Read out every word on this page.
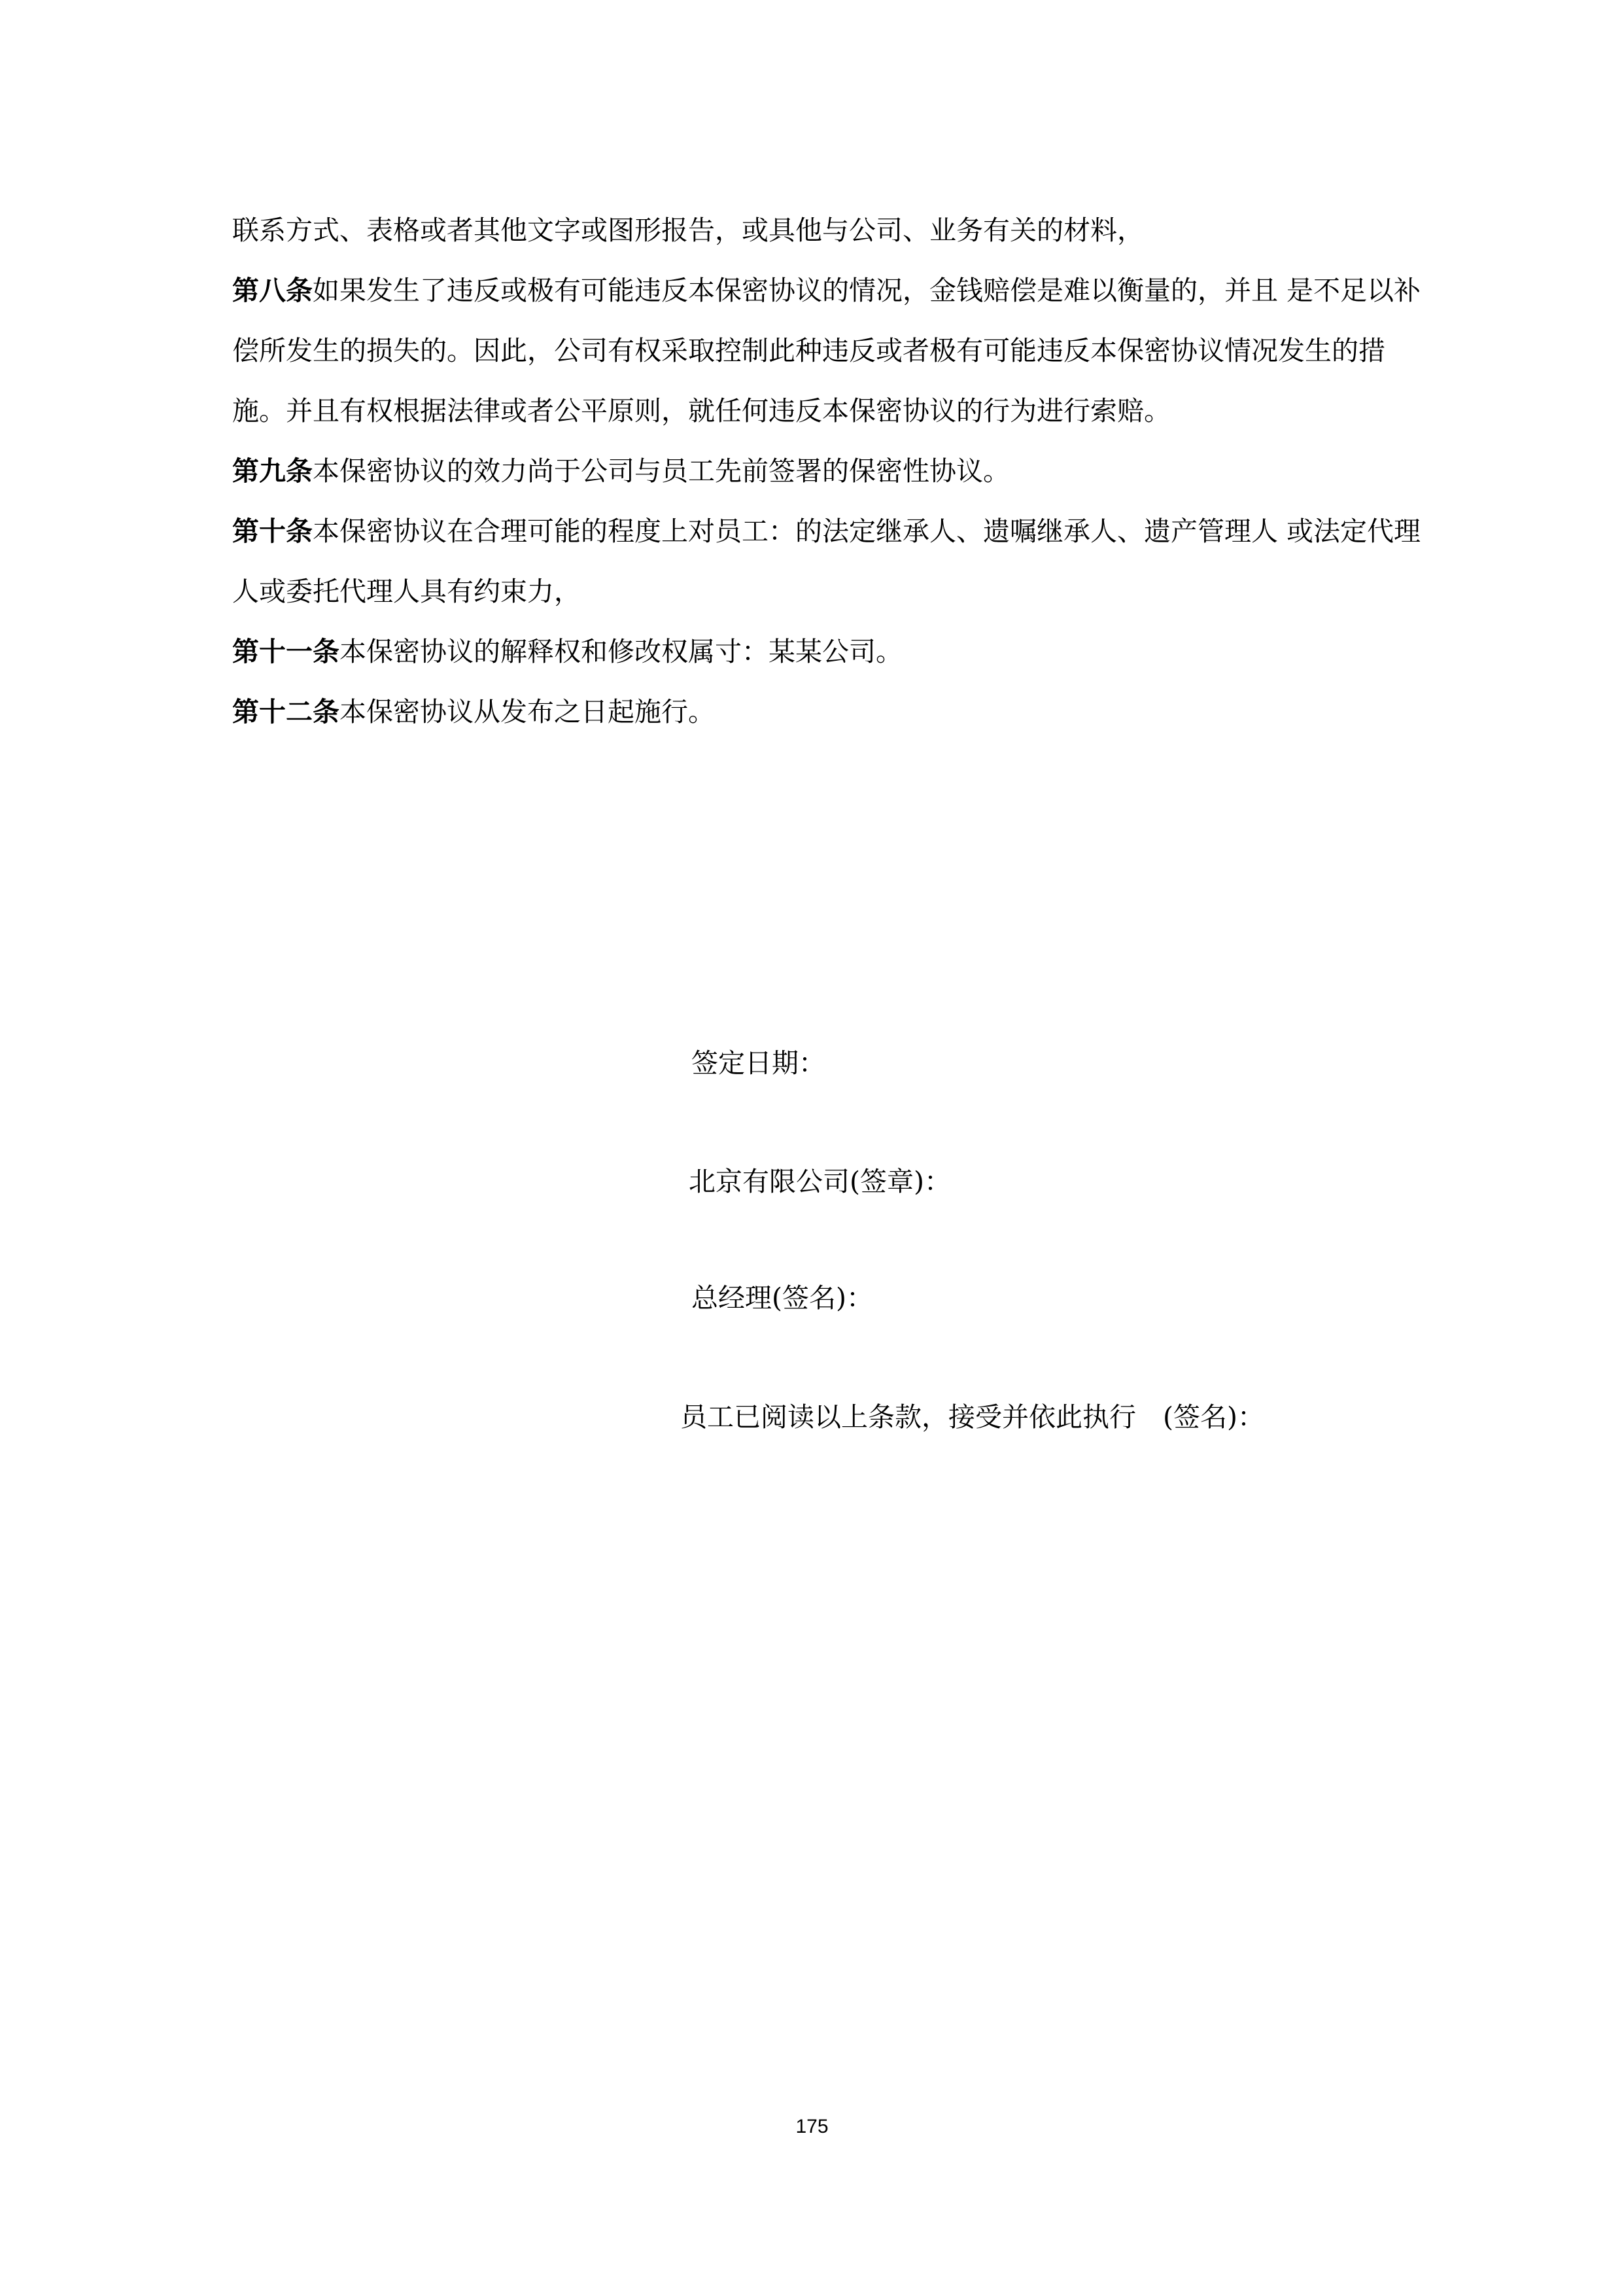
联系方式、表格或者其他文字或图形报告，或具他与公司、业务有关的材料，

第八条如果发生了违反或极有可能违反本保密协议的情况，金钱赔偿是难以衡量的，并且 是不足以补偿所发生的损失的。因此，公司有权采取控制此种违反或者极有可能违反本保密协议情况发生的措施。并且有权根据法律或者公平原则，就任何违反本保密协议的行为进行索赔。

第九条本保密协议的效力尚于公司与员工先前签署的保密性协议。

第十条本保密协议在合理可能的程度上对员工：的法定继承人、遗嘱继承人、遗产管理人 或法定代理人或委托代理人具有约束力，

第十一条本保密协议的解释权和修改权属寸：某某公司。

第十二条本保密协议从发布之日起施行。

签定日期：
北京有限公司(签章)：
总经理(签名)：
员工已阅读以上条款，接受并依此执行　(签名)：
175
